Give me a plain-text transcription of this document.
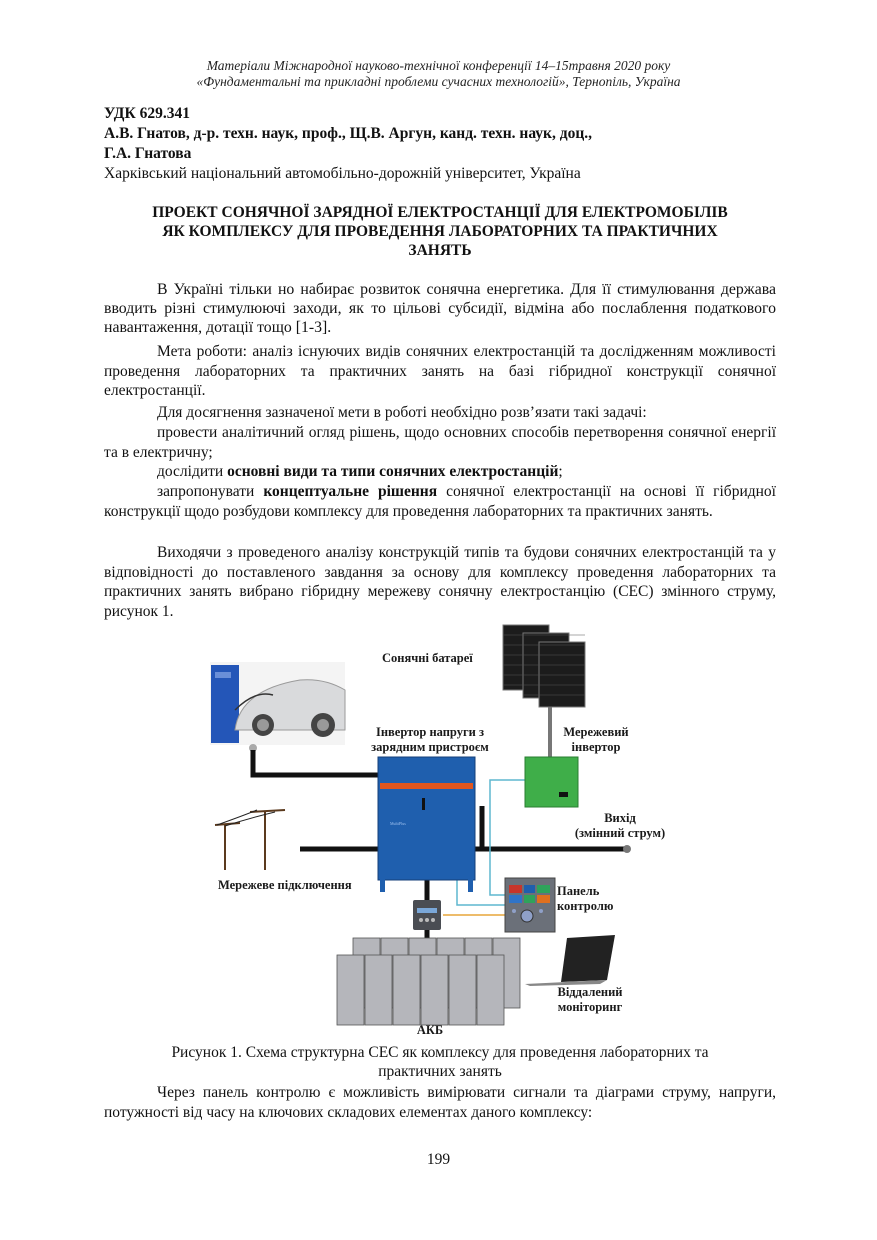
Матеріали Міжнародної науково-технічної конференції 14–15травня 2020 року
«Фундаментальні та прикладні проблеми сучасних технологій», Тернопіль, Україна
УДК 629.341
А.В. Гнатов, д-р. техн. наук, проф., Щ.В. Аргун, канд. техн. наук, доц.,
Г.А. Гнатова
Харківський національний автомобільно-дорожній університет, Україна
ПРОЕКТ СОНЯЧНОЇ ЗАРЯДНОЇ ЕЛЕКТРОСТАНЦІЇ ДЛЯ ЕЛЕКТРОМОБІЛІВ
ЯК КОМПЛЕКСУ ДЛЯ ПРОВЕДЕННЯ ЛАБОРАТОРНИХ ТА ПРАКТИЧНИХ
ЗАНЯТЬ
В Україні тільки но набирає розвиток сонячна енергетика. Для її стимулювання держава вводить різні стимулюючі заходи, як то цільові субсидії, відміна або послаблення податкового навантаження, дотації тощо [1-3].
Мета роботи: аналіз існуючих видів сонячних електростанцій та дослідженням можливості проведення лабораторних та практичних занять на базі гібридної конструкції сонячної електростанції.
Для досягнення зазначеної мети в роботі необхідно розв’язати такі задачі:
провести аналітичний огляд рішень, щодо основних способів перетворення сонячної енергії та в електричну;
дослідити основні види та типи сонячних електростанцій;
запропонувати концептуальне рішення сонячної електростанції на основі її гібридної конструкції щодо розбудови комплексу для проведення лабораторних та практичних занять.
Виходячи з проведеного аналізу конструкцій типів та будови сонячних електростанцій та у відповідності до поставленого завдання за основу для комплексу проведення лабораторних та практичних занять вибрано гібридну мережеву сонячну електростанцію (СЕС) змінного струму, рисунок 1.
MultiPlus
Сонячні батареї
Інвертор напруги з
зарядним пристроєм
Мережевий
інвертор
Вихід
(змінний струм)
Мережеве підключення	Панель
контролю
Віддалений
моніторинг
АКБ
Рисунок 1. Схема структурна СЕС як комплексу для проведення лабораторних та
практичних занять
Через панель контролю є можливість вимірювати сигнали та діаграми струму, напруги, потужності від часу на ключових складових елементах даного комплексу:
199
